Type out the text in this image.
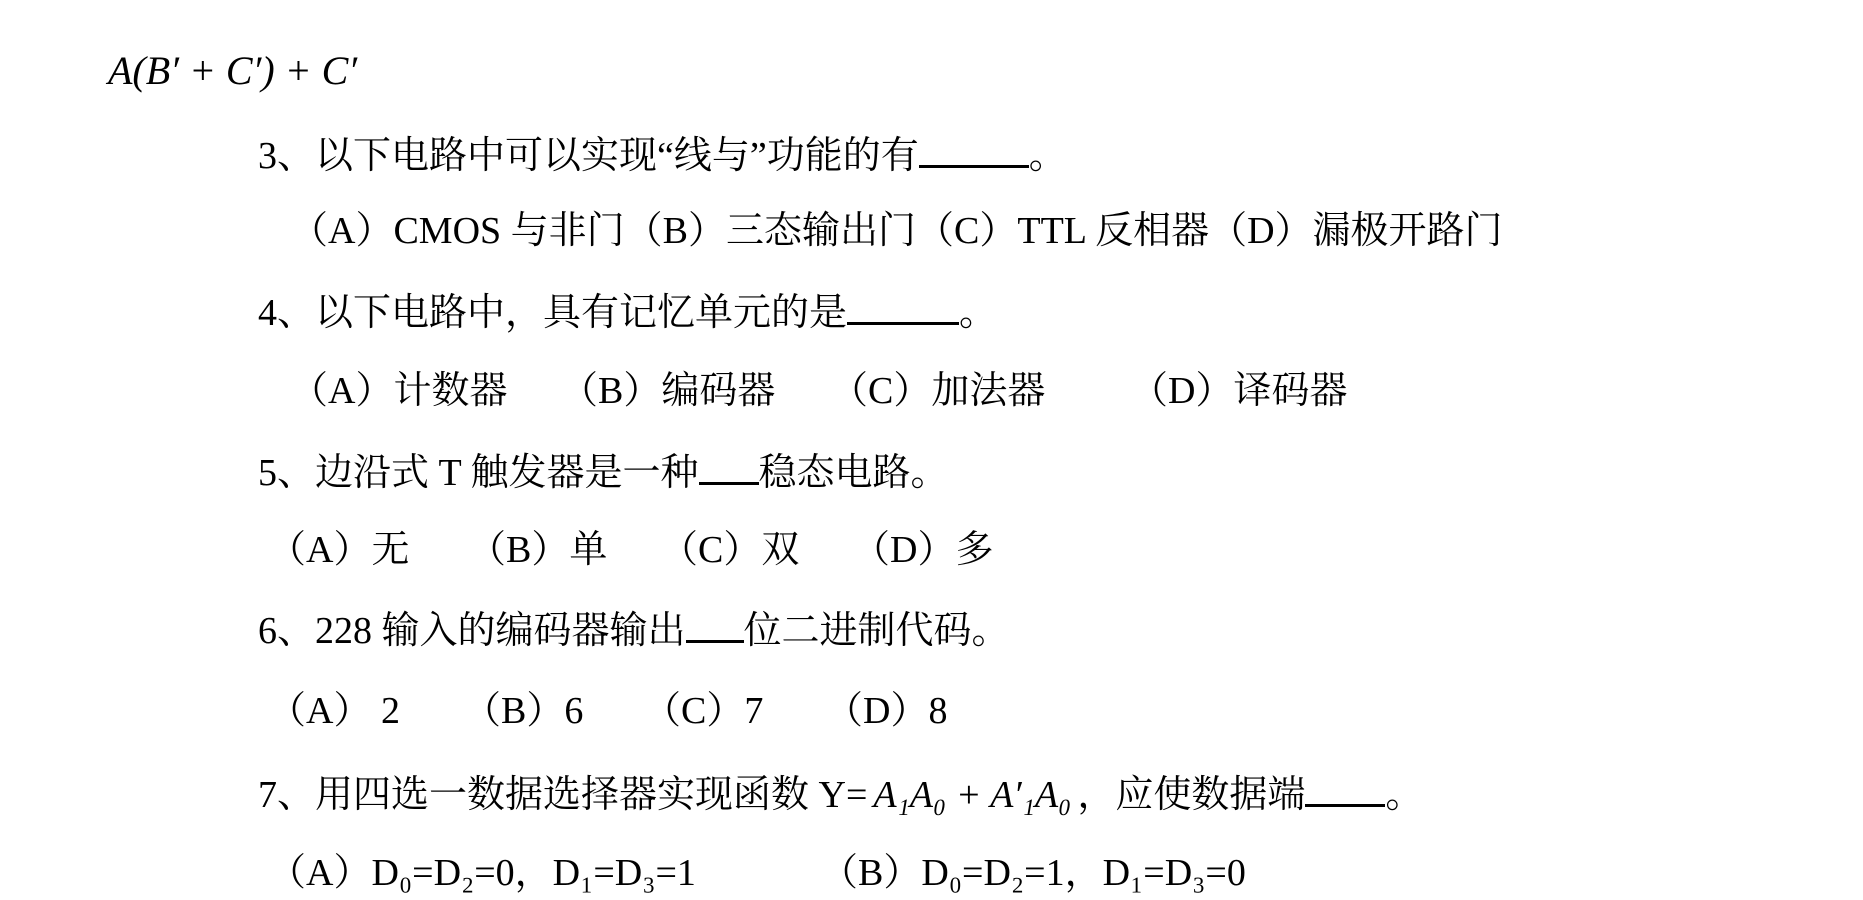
A(B′ + C′) + C′
3、以下电路中可以实现“线与”功能的有	。
（A）CMOS 与非门（B）三态输出门（C）TTL 反相器（D）漏极开路门
4、以下电路中，具有记忆单元的是	。
（A）计数器 （B）编码器 （C）加法器 （D）译码器
5、边沿式 T 触发器是一种 稳态电路。
（A）无 （B）单 （C）双 （D）多
6、228 输入的编码器输出 位二进制代码。
（A） 2 （B）6 （C）7 （D）8
7、用四选一数据选择器实现函数 Y= A₁A₀ + A′₁A₀ ，应使数据端 。
（A）D₀=D₂=0，D₁=D₃=1	（B）D₀=D₂=1，D₁=D₃=0
